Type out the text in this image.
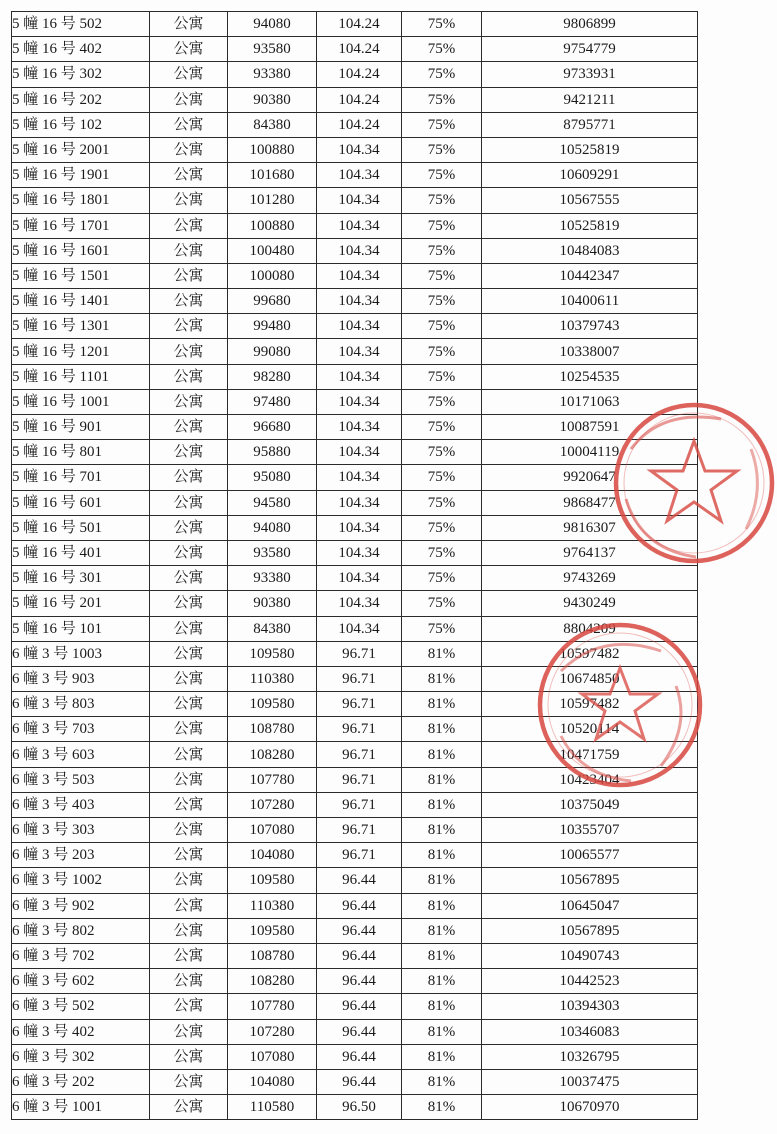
5 幢 16 号 502	公寓	94080	104.24	75%	9806899
5 幢 16 号 402	公寓	93580	104.24	75%	9754779
5 幢 16 号 302	公寓	93380	104.24	75%	9733931
5 幢 16 号 202	公寓	90380	104.24	75%	9421211
5 幢 16 号 102	公寓	84380	104.24	75%	8795771
5 幢 16 号 2001	公寓	100880	104.34	75%	10525819
5 幢 16 号 1901	公寓	101680	104.34	75%	10609291
5 幢 16 号 1801	公寓	101280	104.34	75%	10567555
5 幢 16 号 1701	公寓	100880	104.34	75%	10525819
5 幢 16 号 1601	公寓	100480	104.34	75%	10484083
5 幢 16 号 1501	公寓	100080	104.34	75%	10442347
5 幢 16 号 1401	公寓	99680	104.34	75%	10400611
5 幢 16 号 1301	公寓	99480	104.34	75%	10379743
5 幢 16 号 1201	公寓	99080	104.34	75%	10338007
5 幢 16 号 1101	公寓	98280	104.34	75%	10254535
5 幢 16 号 1001	公寓	97480	104.34	75%	10171063
5 幢 16 号 901	公寓	96680	104.34	75%	10087591
5 幢 16 号 801	公寓	95880	104.34	75%	10004119
5 幢 16 号 701	公寓	95080	104.34	75%	9920647
5 幢 16 号 601	公寓	94580	104.34	75%	9868477
5 幢 16 号 501	公寓	94080	104.34	75%	9816307
5 幢 16 号 401	公寓	93580	104.34	75%	9764137
5 幢 16 号 301	公寓	93380	104.34	75%	9743269
5 幢 16 号 201	公寓	90380	104.34	75%	9430249
5 幢 16 号 101	公寓	84380	104.34	75%	8804209
6 幢 3 号 1003	公寓	109580	96.71	81%	10597482
6 幢 3 号 903	公寓	110380	96.71	81%	10674850
6 幢 3 号 803	公寓	109580	96.71	81%	10597482
6 幢 3 号 703	公寓	108780	96.71	81%	10520114
6 幢 3 号 603	公寓	108280	96.71	81%	10471759
6 幢 3 号 503	公寓	107780	96.71	81%	10423404
6 幢 3 号 403	公寓	107280	96.71	81%	10375049
6 幢 3 号 303	公寓	107080	96.71	81%	10355707
6 幢 3 号 203	公寓	104080	96.71	81%	10065577
6 幢 3 号 1002	公寓	109580	96.44	81%	10567895
6 幢 3 号 902	公寓	110380	96.44	81%	10645047
6 幢 3 号 802	公寓	109580	96.44	81%	10567895
6 幢 3 号 702	公寓	108780	96.44	81%	10490743
6 幢 3 号 602	公寓	108280	96.44	81%	10442523
6 幢 3 号 502	公寓	107780	96.44	81%	10394303
6 幢 3 号 402	公寓	107280	96.44	81%	10346083
6 幢 3 号 302	公寓	107080	96.44	81%	10326795
6 幢 3 号 202	公寓	104080	96.44	81%	10037475
6 幢 3 号 1001	公寓	110580	96.50	81%	10670970
